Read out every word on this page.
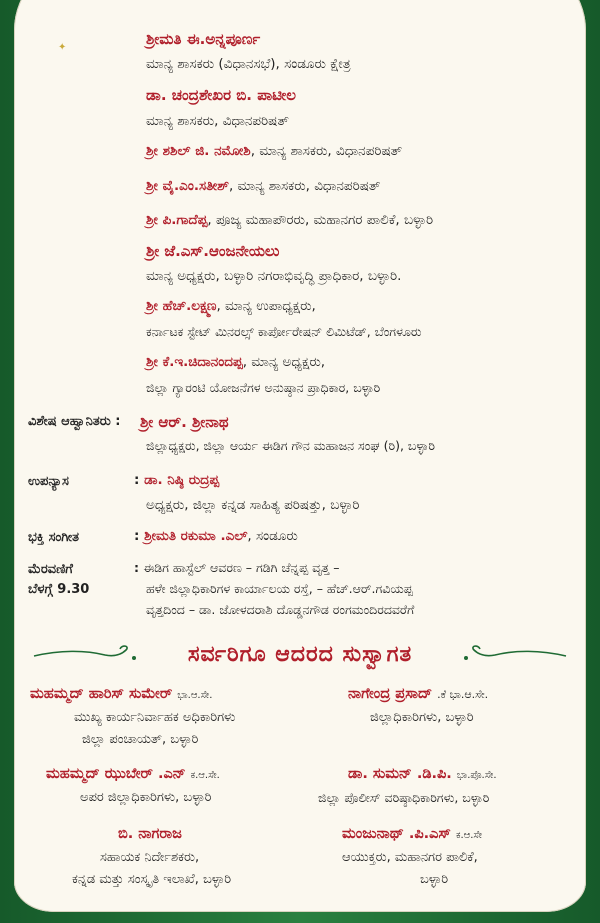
✦	ಶ್ರೀಮತಿ ಈ.ಅನ್ನಪೂರ್ಣ
ಮಾನ್ಯ ಶಾಸಕರು (ವಿಧಾನಸಭೆ), ಸಂಡೂರು ಕ್ಷೇತ್ರ
ಡಾ. ಚಂದ್ರಶೇಖರ ಬಿ. ಪಾಟೀಲ
ಮಾನ್ಯ ಶಾಸಕರು, ವಿಧಾನಪರಿಷತ್
ಶ್ರೀ ಶಶಿಲ್ ಜಿ. ನಮೋಶಿ, ಮಾನ್ಯ ಶಾಸಕರು, ವಿಧಾನಪರಿಷತ್
ಶ್ರೀ ವೈ.ಎಂ.ಸತೀಶ್, ಮಾನ್ಯ ಶಾಸಕರು, ವಿಧಾನಪರಿಷತ್
ಶ್ರೀ ಪಿ.ಗಾದೆಪ್ಪ, ಪೂಜ್ಯ ಮಹಾಪೌರರು, ಮಹಾನಗರ ಪಾಲಿಕೆ, ಬಳ್ಳಾರಿ
ಶ್ರೀ ಜೆ.ಎಸ್.ಆಂಜನೇಯಲು
ಮಾನ್ಯ ಅಧ್ಯಕ್ಷರು, ಬಳ್ಳಾರಿ ನಗರಾಭಿವೃದ್ಧಿ ಪ್ರಾಧಿಕಾರ, ಬಳ್ಳಾರಿ.
ಶ್ರೀ ಹೆಚ್.ಲಕ್ಷ್ಮಣ, ಮಾನ್ಯ ಉಪಾಧ್ಯಕ್ಷರು,
ಕರ್ನಾಟಕ ಸ್ಟೇಟ್ ಮಿನರಲ್ಸ್ ಕಾರ್ಪೋರೇಷನ್ ಲಿಮಿಟೆಡ್, ಬೆಂಗಳೂರು
ಶ್ರೀ ಕೆ.ಇ.ಚಿದಾನಂದಪ್ಪ, ಮಾನ್ಯ ಅಧ್ಯಕ್ಷರು,
ಜಿಲ್ಲಾ ಗ್ಯಾರಂಟಿ ಯೋಜನೆಗಳ ಅನುಷ್ಠಾನ ಪ್ರಾಧಿಕಾರ, ಬಳ್ಳಾರಿ
ವಿಶೇಷ ಆಹ್ವಾನಿತರು : ಶ್ರೀ ಆರ್. ಶ್ರೀನಾಥ
ಜಿಲ್ಲಾಧ್ಯಕ್ಷರು, ಜಿಲ್ಲಾ ಆರ್ಯ ಈಡಿಗ ಗೌನ ಮಹಾಜನ ಸಂಘ (ರಿ), ಬಳ್ಳಾರಿ
ಉಪನ್ಯಾಸ	: ಡಾ. ನಿಷ್ಠಿ ರುದ್ರಪ್ಪ
ಅಧ್ಯಕ್ಷರು, ಜಿಲ್ಲಾ ಕನ್ನಡ ಸಾಹಿತ್ಯ ಪರಿಷತ್ತು, ಬಳ್ಳಾರಿ
ಭಕ್ತಿ ಸಂಗೀತ	: ಶ್ರೀಮತಿ ರಕುಮಾ .ಎಲ್, ಸಂಡೂರು
ಮೆರವಣಿಗೆ
ಬೆಳಗ್ಗೆ 9.30
: ಈಡಿಗ ಹಾಸ್ಟೆಲ್ ಆವರಣ – ಗಡಿಗಿ ಚೆನ್ನಪ್ಪ ವೃತ್ತ –
ಹಳೇ ಜಿಲ್ಲಾಧಿಕಾರಿಗಳ ಕಾರ್ಯಾಲಯ ರಸ್ತೆ, – ಹೆಚ್.ಆರ್.ಗವಿಯಪ್ಪ
ವೃತ್ತದಿಂದ – ಡಾ. ಜೋಳದರಾಶಿ ದೊಡ್ಡನಗೌಡ ರಂಗಮಂದಿರದವರೆಗೆ
ಸರ್ವರಿಗೂ ಆದರದ ಸುಸ್ವಾಗತ
ಮಹಮ್ಮದ್ ಹಾರಿಸ್ ಸುಮೇರ್ ಭಾ.ಆ.ಸೇ.
ಮುಖ್ಯ ಕಾರ್ಯನಿರ್ವಾಹಕ ಅಧಿಕಾರಿಗಳು
ಜಿಲ್ಲಾ ಪಂಚಾಯತ್, ಬಳ್ಳಾರಿ
ಮಹಮ್ಮದ್ ಝುಬೇರ್ .ಎನ್ ಕ.ಆ.ಸೇ.
ಅಪರ ಜಿಲ್ಲಾಧಿಕಾರಿಗಳು, ಬಳ್ಳಾರಿ
ಬಿ. ನಾಗರಾಜ
ಸಹಾಯಕ ನಿರ್ದೇಶಕರು,
ಕನ್ನಡ ಮತ್ತು ಸಂಸ್ಕೃತಿ ಇಲಾಖೆ, ಬಳ್ಳಾರಿ
ನಾಗೇಂದ್ರ ಪ್ರಸಾದ್ .ಕೆ ಭಾ.ಆ.ಸೇ.
ಜಿಲ್ಲಾಧಿಕಾರಿಗಳು, ಬಳ್ಳಾರಿ
ಡಾ. ಸುಮನ್ .ಡಿ.ಪಿ. ಭಾ.ಪೊ.ಸೇ.
ಜಿಲ್ಲಾ ಪೊಲೀಸ್ ವರಿಷ್ಠಾಧಿಕಾರಿಗಳು, ಬಳ್ಳಾರಿ
ಮಂಜುನಾಥ್ .ಪಿ.ಎಸ್ ಕ.ಆ.ಸೇ
ಆಯುಕ್ತರು, ಮಹಾನಗರ ಪಾಲಿಕೆ,
ಬಳ್ಳಾರಿ
